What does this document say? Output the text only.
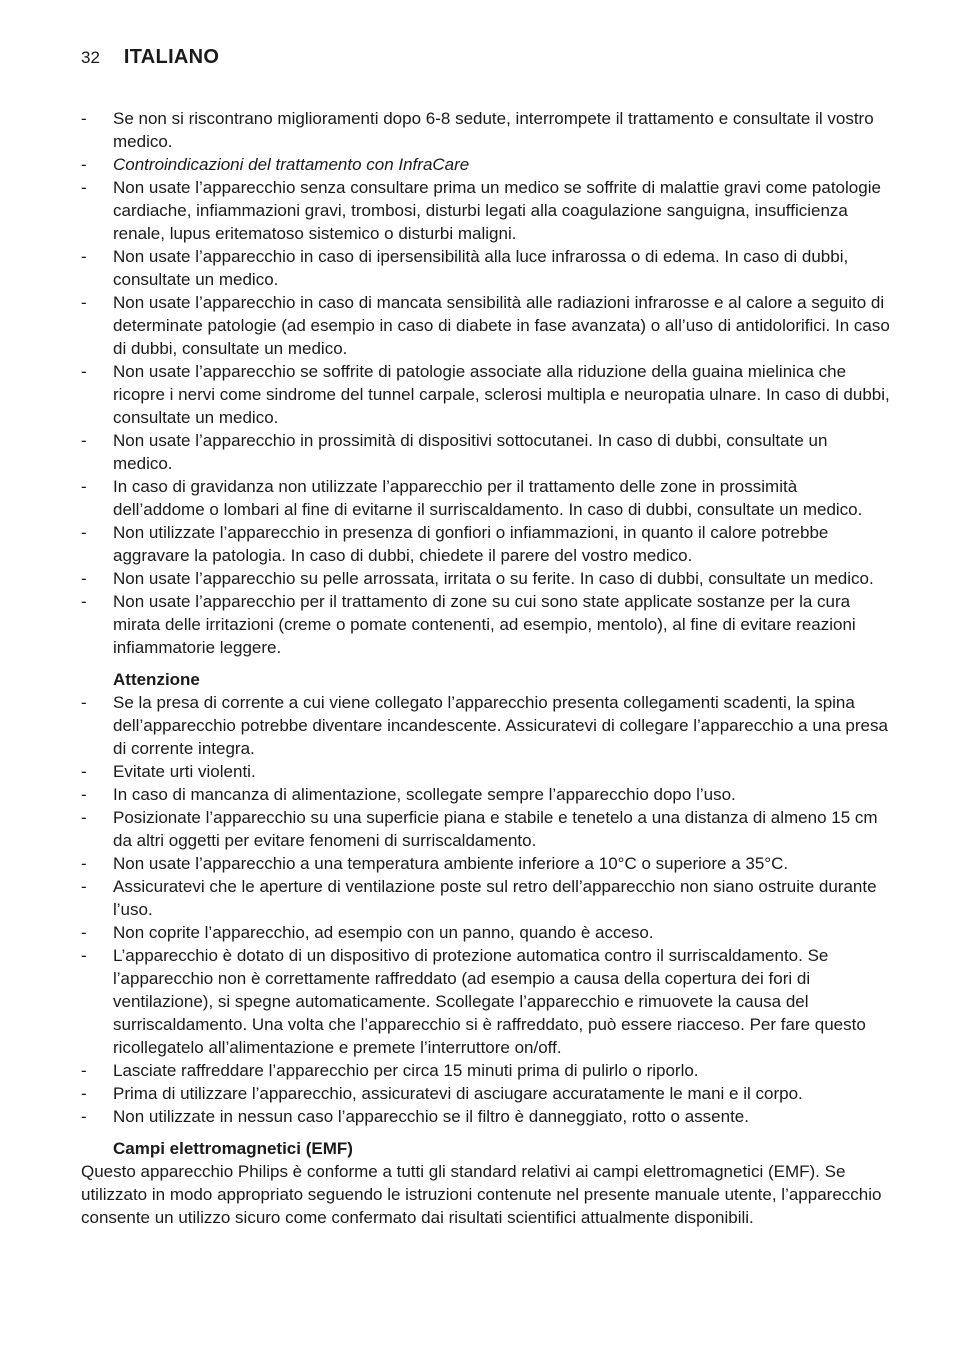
32 ITALIANO
- Se non si riscontrano miglioramenti dopo 6-8 sedute, interrompete il trattamento e consultate il vostro medico.
- Controindicazioni del trattamento con InfraCare
- Non usate l’apparecchio senza consultare prima un medico se soffrite di malattie gravi come patologie cardiache, infiammazioni gravi, trombosi, disturbi legati alla coagulazione sanguigna, insufficienza renale, lupus eritematoso sistemico o disturbi maligni.
- Non usate l’apparecchio in caso di ipersensibilità alla luce infrarossa o di edema. In caso di dubbi, consultate un medico.
- Non usate l’apparecchio in caso di mancata sensibilità alle radiazioni infrarosse e al calore a seguito di determinate patologie (ad esempio in caso di diabete in fase avanzata) o all’uso di antidolorifici. In caso di dubbi, consultate un medico.
- Non usate l’apparecchio se soffrite di patologie associate alla riduzione della guaina mielinica che ricopre i nervi come sindrome del tunnel carpale, sclerosi multipla e neuropatia ulnare. In caso di dubbi, consultate un medico.
- Non usate l’apparecchio in prossimità di dispositivi sottocutanei. In caso di dubbi, consultate un medico.
- In caso di gravidanza non utilizzate l’apparecchio per il trattamento delle zone in prossimità dell’addome o lombari al fine di evitarne il surriscaldamento. In caso di dubbi, consultate un medico.
- Non utilizzate l’apparecchio in presenza di gonfiori o infiammazioni, in quanto il calore potrebbe aggravare la patologia. In caso di dubbi, chiedete il parere del vostro medico.
- Non usate l’apparecchio su pelle arrossata, irritata o su ferite. In caso di dubbi, consultate un medico.
- Non usate l’apparecchio per il trattamento di zone su cui sono state applicate sostanze per la cura mirata delle irritazioni (creme o pomate contenenti, ad esempio, mentolo), al fine di evitare reazioni infiammatorie leggere.
Attenzione
- Se la presa di corrente a cui viene collegato l’apparecchio presenta collegamenti scadenti, la spina dell’apparecchio potrebbe diventare incandescente. Assicuratevi di collegare l’apparecchio a una presa di corrente integra.
- Evitate urti violenti.
- In caso di mancanza di alimentazione, scollegate sempre l’apparecchio dopo l’uso.
- Posizionate l’apparecchio su una superficie piana e stabile e tenetelo a una distanza di almeno 15 cm da altri oggetti per evitare fenomeni di surriscaldamento.
- Non usate l’apparecchio a una temperatura ambiente inferiore a 10°C o superiore a 35°C.
- Assicuratevi che le aperture di ventilazione poste sul retro dell’apparecchio non siano ostruite durante l’uso.
- Non coprite l’apparecchio, ad esempio con un panno, quando è acceso.
- L’apparecchio è dotato di un dispositivo di protezione automatica contro il surriscaldamento. Se l’apparecchio non è correttamente raffreddato (ad esempio a causa della copertura dei fori di ventilazione), si spegne automaticamente. Scollegate l’apparecchio e rimuovete la causa del surriscaldamento. Una volta che l’apparecchio si è raffreddato, può essere riacceso. Per fare questo ricollegatelo all’alimentazione e premete l’interruttore on/off.
- Lasciate raffreddare l’apparecchio per circa 15 minuti prima di pulirlo o riporlo.
- Prima di utilizzare l’apparecchio, assicuratevi di asciugare accuratamente le mani e il corpo.
- Non utilizzate in nessun caso l’apparecchio se il filtro è danneggiato, rotto o assente.
Campi elettromagnetici (EMF)
Questo apparecchio Philips è conforme a tutti gli standard relativi ai campi elettromagnetici (EMF). Se utilizzato in modo appropriato seguendo le istruzioni contenute nel presente manuale utente, l’apparecchio consente un utilizzo sicuro come confermato dai risultati scientifici attualmente disponibili.
